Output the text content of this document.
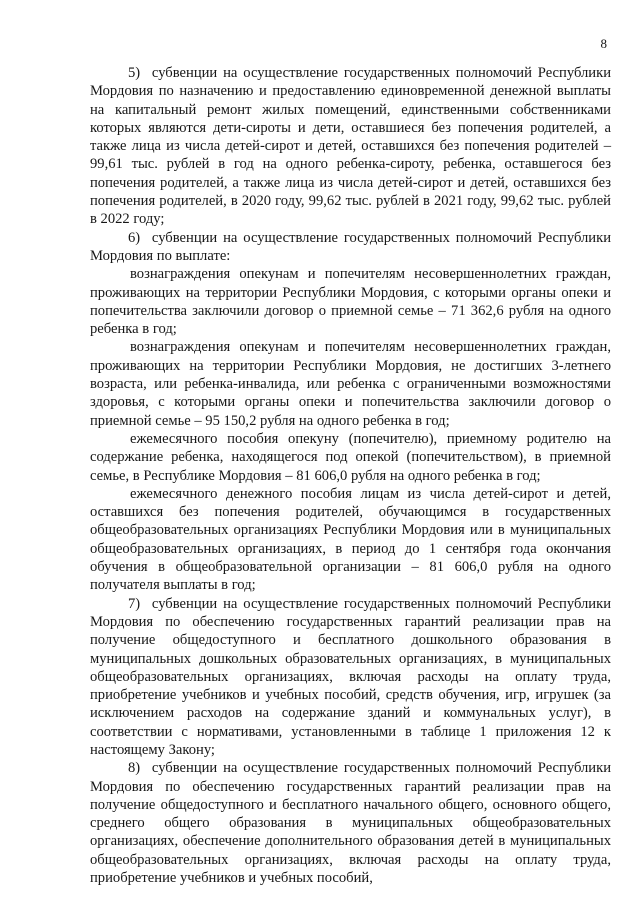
8

5)  субвенции на осуществление государственных полномочий Республики Мордовия по назначению и предоставлению единовременной денежной выплаты на капитальный ремонт жилых помещений, единственными собственниками которых являются дети-сироты и дети, оставшиеся без попечения родителей, а также лица из числа детей-сирот и детей, оставшихся без попечения родителей – 99,61 тыс. рублей в год на одного ребенка-сироту, ребенка, оставшегося без попечения родителей, а также лица из числа детей-сирот и детей, оставшихся без попечения родителей, в 2020 году, 99,62 тыс. рублей в 2021 году, 99,62 тыс. рублей в 2022 году;

6)  субвенции на осуществление государственных полномочий Республики Мордовия по выплате:

вознаграждения опекунам и попечителям несовершеннолетних граждан, проживающих на территории Республики Мордовия, с которыми органы опеки и попечительства заключили договор о приемной семье – 71 362,6 рубля на одного ребенка в год;

вознаграждения опекунам и попечителям несовершеннолетних граждан, проживающих на территории Республики Мордовия, не достигших 3-летнего возраста, или ребенка-инвалида, или ребенка с ограниченными возможностями здоровья, с которыми органы опеки и попечительства заключили договор о приемной семье – 95 150,2 рубля на одного ребенка в год;

ежемесячного пособия опекуну (попечителю), приемному родителю на содержание ребенка, находящегося под опекой (попечительством), в приемной семье, в Республике Мордовия – 81 606,0 рубля на одного ребенка в год;

ежемесячного денежного пособия лицам из числа детей-сирот и детей, оставшихся без попечения родителей, обучающимся в государственных общеобразовательных организациях Республики Мордовия или в муниципальных общеобразовательных организациях, в период до 1 сентября года окончания обучения в общеобразовательной организации – 81 606,0 рубля на одного получателя выплаты в год;

7)  субвенции на осуществление государственных полномочий Республики Мордовия по обеспечению государственных гарантий реализации прав на получение общедоступного и бесплатного дошкольного образования в муниципальных дошкольных образовательных организациях, в муниципальных общеобразовательных организациях, включая расходы на оплату труда, приобретение учебников и учебных пособий, средств обучения, игр, игрушек (за исключением расходов на содержание зданий и коммунальных услуг), в соответствии с нормативами, установленными в таблице 1 приложения 12 к настоящему Закону;

8)  субвенции на осуществление государственных полномочий Республики Мордовия по обеспечению государственных гарантий реализации прав на получение общедоступного и бесплатного начального общего, основного общего, среднего общего образования в муниципальных общеобразовательных организациях, обеспечение дополнительного образования детей в муниципальных общеобразовательных организациях, включая расходы на оплату труда, приобретение учебников и учебных пособий,
